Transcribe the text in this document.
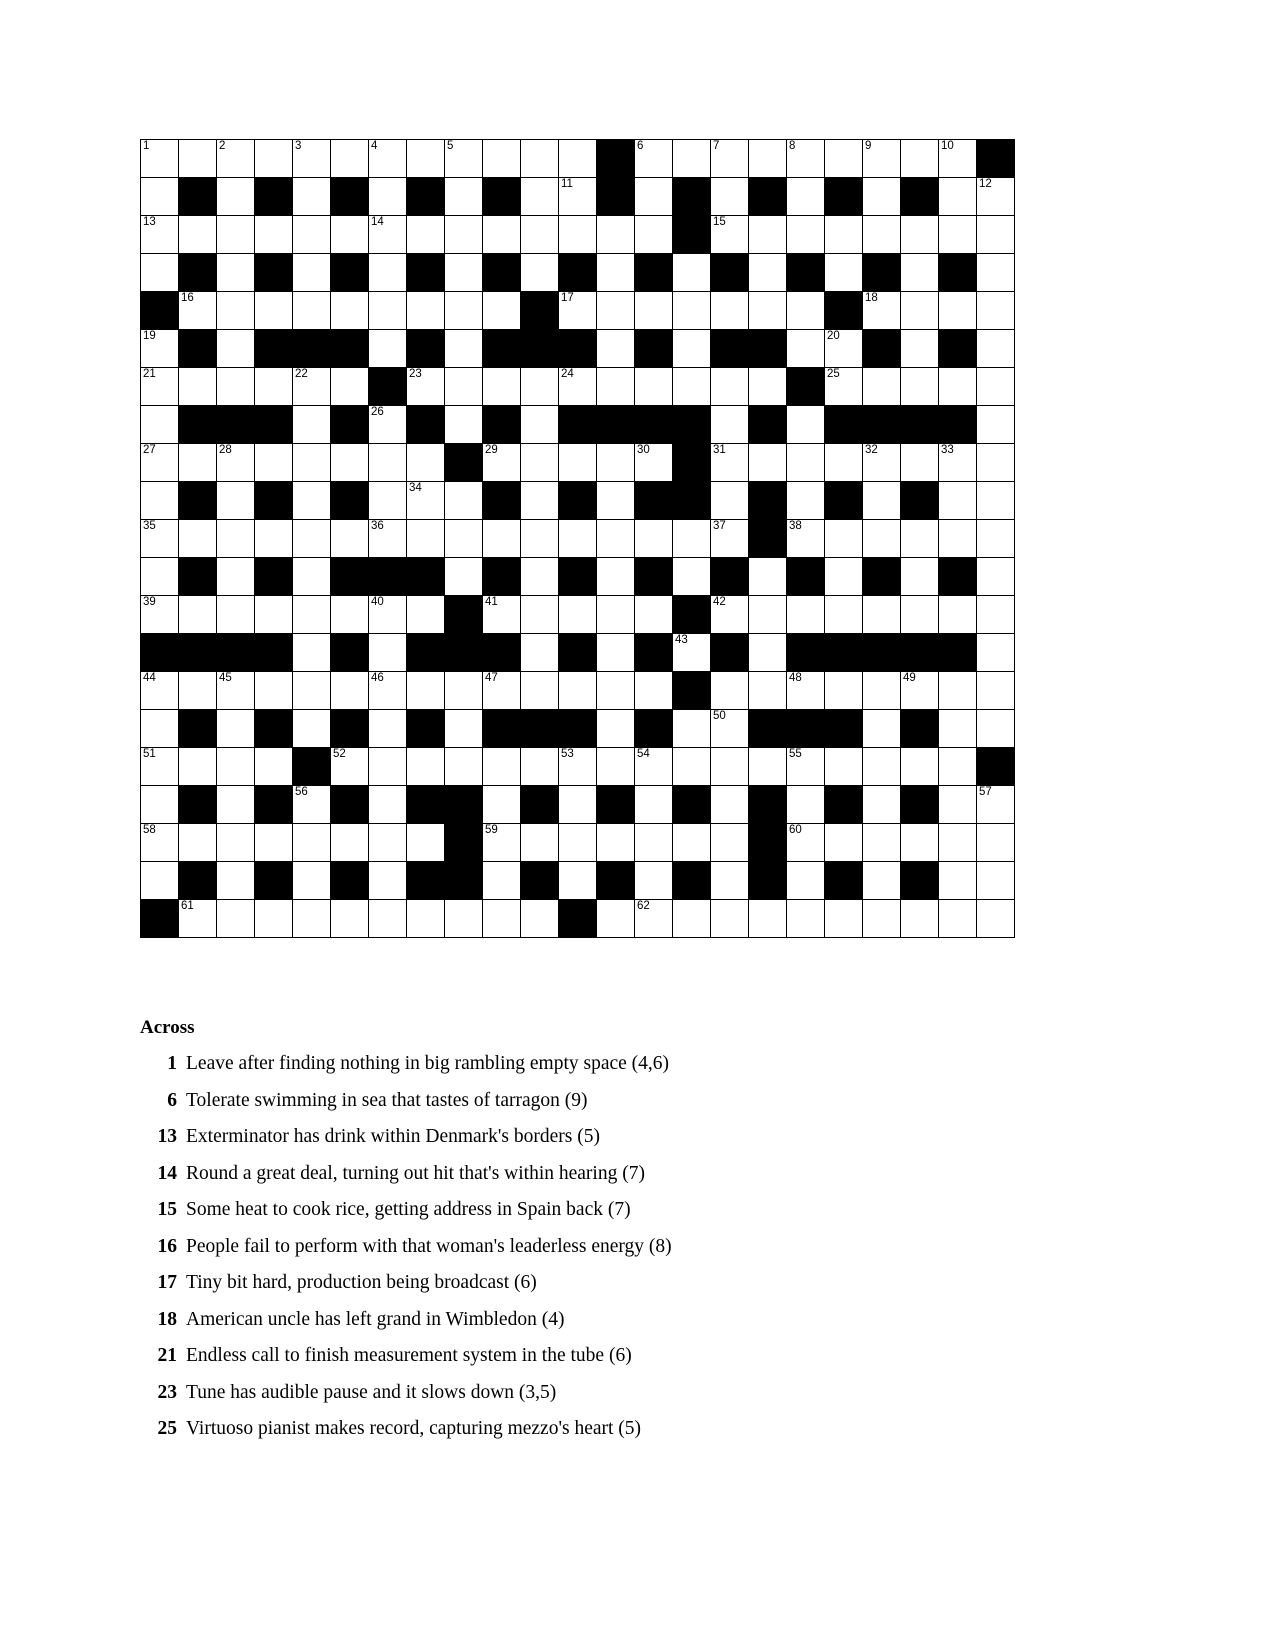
1		2		3		4		5					6		7		8		9		10	

											11											12

13						14									15							

	16										17								18			

19																		20				

21				22			23				24							25				

						26																

27		28							29				30		31				32		33	

							34															

35						36									37		38					

39						40			41						42							

														43								

44		45				46			47								48			49		

															50							

51					52						53		54				55					

				56																		57

58									59								60					

	61												62									

Across
1 Leave after finding nothing in big rambling empty space (4,6)
6 Tolerate swimming in sea that tastes of tarragon (9)
13 Exterminator has drink within Denmark's borders (5)
14 Round a great deal, turning out hit that's within hearing (7)
15 Some heat to cook rice, getting address in Spain back (7)
16 People fail to perform with that woman's leaderless energy (8)
17 Tiny bit hard, production being broadcast (6)
18 American uncle has left grand in Wimbledon (4)
21 Endless call to finish measurement system in the tube (6)
23 Tune has audible pause and it slows down (3,5)
25 Virtuoso pianist makes record, capturing mezzo's heart (5)
